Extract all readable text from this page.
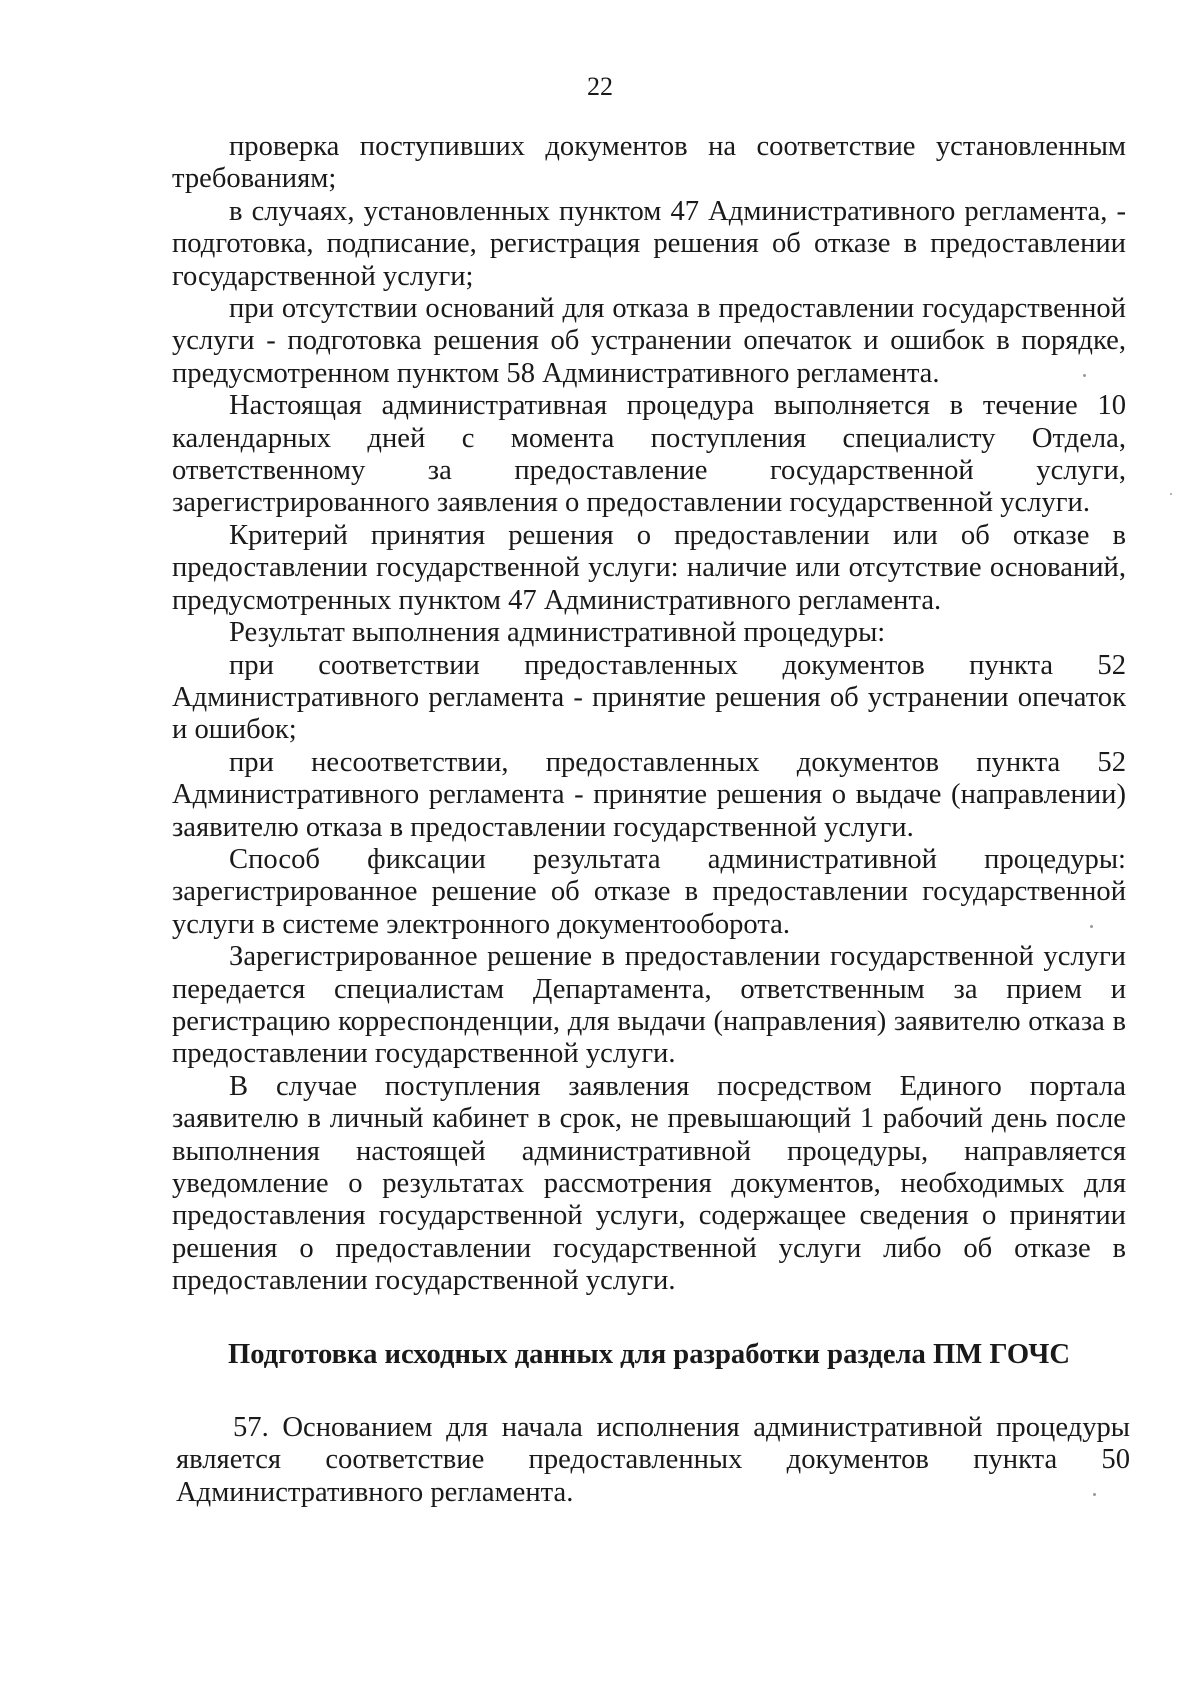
22

проверка поступивших документов на соответствие установленным требованиям;

в случаях, установленных пунктом 47 Административного регламента, - подготовка, подписание, регистрация решения об отказе в предоставлении государственной услуги;

при отсутствии оснований для отказа в предоставлении государственной услуги - подготовка решения об устранении опечаток и ошибок в порядке, предусмотренном пунктом 58 Административного регламента.

Настоящая административная процедура выполняется в течение 10 календарных дней с момента поступления специалисту Отдела, ответственному за предоставление государственной услуги, зарегистрированного заявления о предоставлении государственной услуги.

Критерий принятия решения о предоставлении или об отказе в предоставлении государственной услуги: наличие или отсутствие оснований, предусмотренных пунктом 47 Административного регламента.

Результат выполнения административной процедуры:

при соответствии предоставленных документов пункта 52 Административного регламента - принятие решения об устранении опечаток и ошибок;

при несоответствии, предоставленных документов пункта 52 Административного регламента - принятие решения о выдаче (направлении) заявителю отказа в предоставлении государственной услуги.

Способ фиксации результата административной процедуры: зарегистрированное решение об отказе в предоставлении государственной услуги в системе электронного документооборота.

Зарегистрированное решение в предоставлении государственной услуги передается специалистам Департамента, ответственным за прием и регистрацию корреспонденции, для выдачи (направления) заявителю отказа в предоставлении государственной услуги.

В случае поступления заявления посредством Единого портала заявителю в личный кабинет в срок, не превышающий 1 рабочий день после выполнения настоящей административной процедуры, направляется уведомление о результатах рассмотрения документов, необходимых для предоставления государственной услуги, содержащее сведения о принятии решения о предоставлении государственной услуги либо об отказе в предоставлении государственной услуги.

Подготовка исходных данных для разработки раздела ПМ ГОЧС

57. Основанием для начала исполнения административной процедуры является соответствие предоставленных документов пункта 50 Административного регламента.
